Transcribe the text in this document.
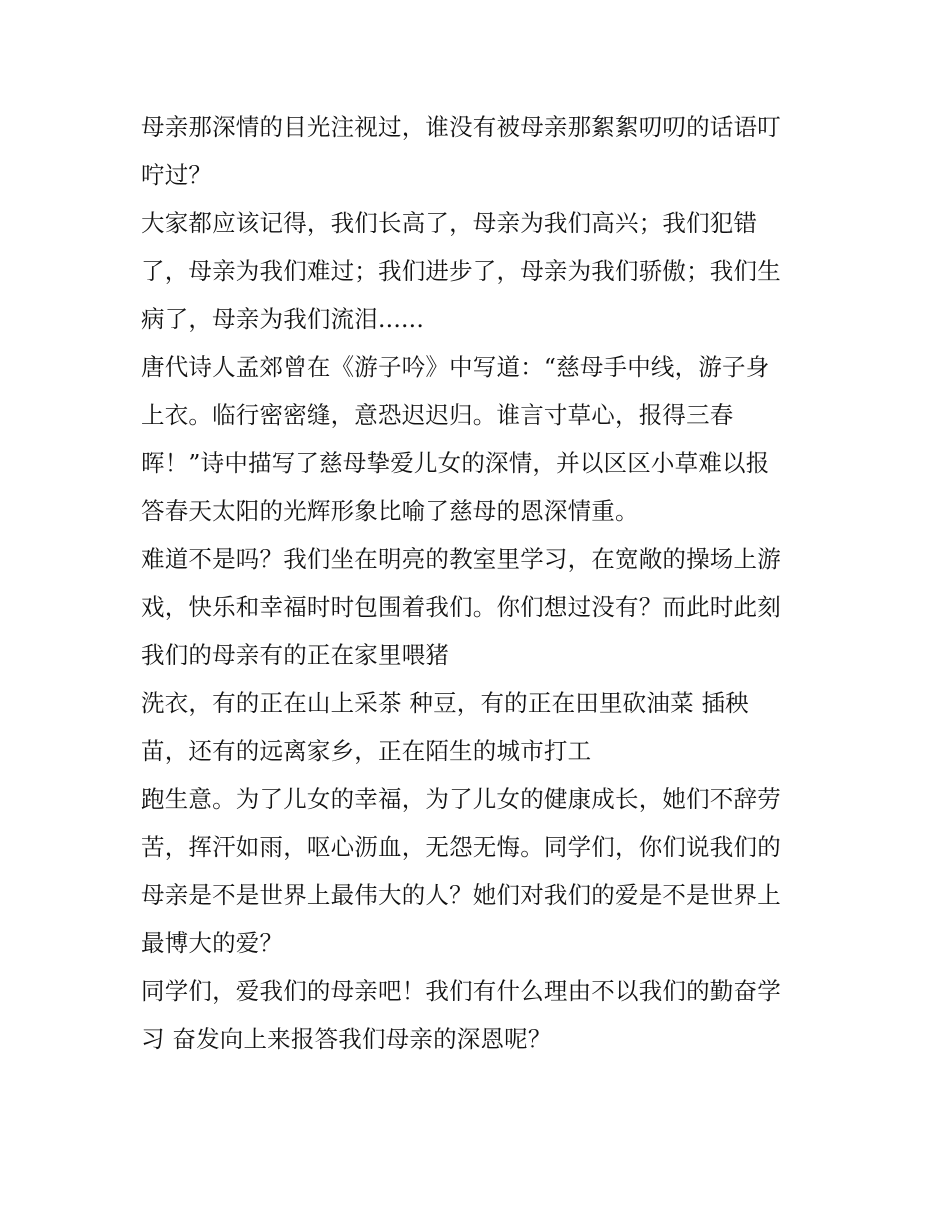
母亲那深情的目光注视过，谁没有被母亲那絮絮叨叨的话语叮
咛过？
大家都应该记得，我们长高了，母亲为我们高兴；我们犯错
了，母亲为我们难过；我们进步了，母亲为我们骄傲；我们生
病了，母亲为我们流泪......
唐代诗人孟郊曾在《游子吟》中写道：“慈母手中线，游子身
上衣。临行密密缝，意恐迟迟归。谁言寸草心，报得三春
晖！”诗中描写了慈母挚爱儿女的深情，并以区区小草难以报
答春天太阳的光辉形象比喻了慈母的恩深情重。
难道不是吗？我们坐在明亮的教室里学习，在宽敞的操场上游
戏，快乐和幸福时时包围着我们。你们想过没有？而此时此刻
我们的母亲有的正在家里喂猪
洗衣，有的正在山上采茶 种豆，有的正在田里砍油菜 插秧
苗，还有的远离家乡，正在陌生的城市打工
跑生意。为了儿女的幸福，为了儿女的健康成长，她们不辞劳
苦，挥汗如雨，呕心沥血，无怨无悔。同学们，你们说我们的
母亲是不是世界上最伟大的人？她们对我们的爱是不是世界上
最博大的爱？
同学们，爱我们的母亲吧！我们有什么理由不以我们的勤奋学
习 奋发向上来报答我们母亲的深恩呢？
